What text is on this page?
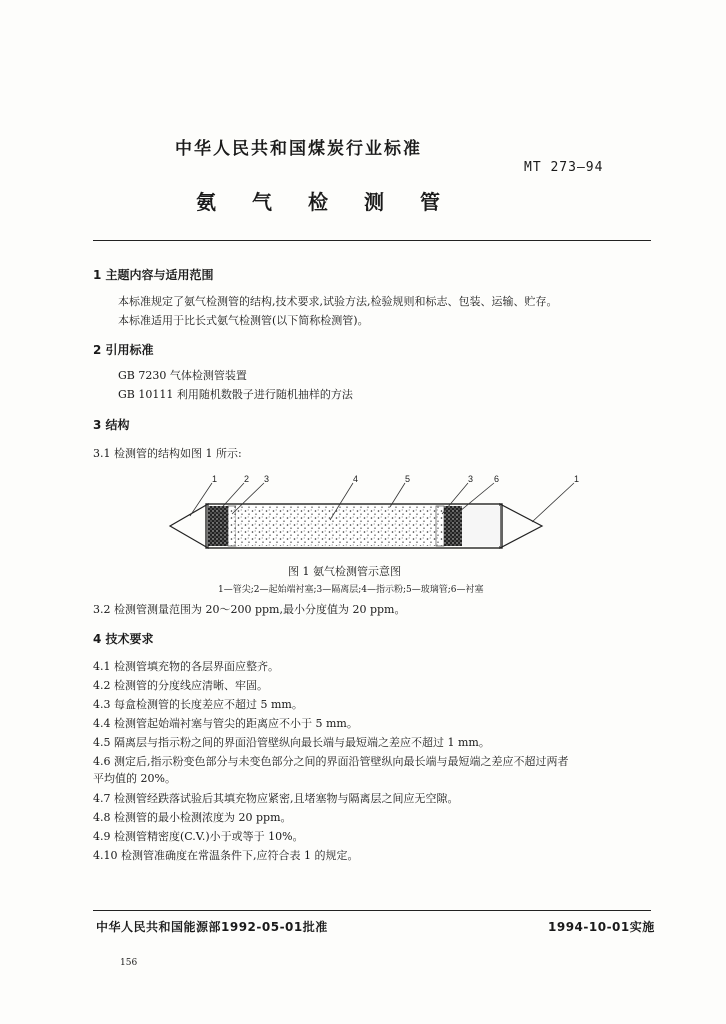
中华人民共和国煤炭行业标准
MT 273—94
氨 气 检 测 管
1 主题内容与适用范围
本标准规定了氨气检测管的结构,技术要求,试验方法,检验规则和标志、包装、运输、贮存。
本标准适用于比长式氨气检测管(以下简称检测管)。
2 引用标准
GB 7230 气体检测管装置
GB 10111 利用随机数骰子进行随机抽样的方法
3 结构
3.1 检测管的结构如图 1 所示:
1	2 3	4	5	3 6	1
图 1 氨气检测管示意图
1—管尖;2—起始端衬塞;3—隔离层;4—指示粉;5—玻璃管;6—衬塞
3.2 检测管测量范围为 20～200 ppm,最小分度值为 20 ppm。
4 技术要求
4.1 检测管填充物的各层界面应整齐。
4.2 检测管的分度线应清晰、牢固。
4.3 每盒检测管的长度差应不超过 5 mm。
4.4 检测管起始端衬塞与管尖的距离应不小于 5 mm。
4.5 隔离层与指示粉之间的界面沿管壁纵向最长端与最短端之差应不超过 1 mm。
4.6 测定后,指示粉变色部分与未变色部分之间的界面沿管壁纵向最长端与最短端之差应不超过两者
平均值的 20%。
4.7 检测管经跌落试验后其填充物应紧密,且堵塞物与隔离层之间应无空隙。
4.8 检测管的最小检测浓度为 20 ppm。
4.9 检测管精密度(C.V.)小于或等于 10%。
4.10 检测管准确度在常温条件下,应符合表 1 的规定。
中华人民共和国能源部1992-05-01批准	1994-10-01实施
156
